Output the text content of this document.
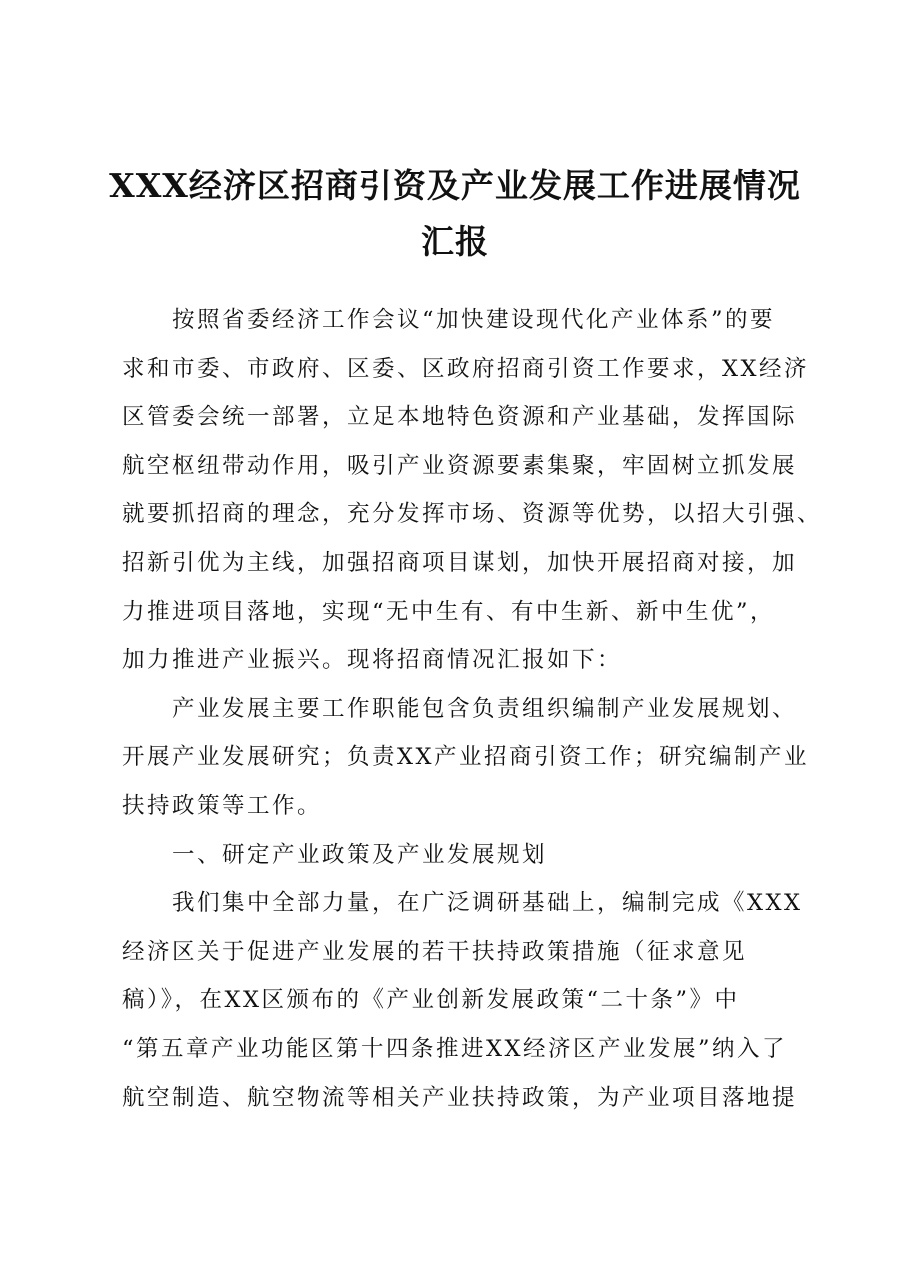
XXX经济区招商引资及产业发展工作进展情况
汇报
按照省委经济工作会议“加快建设现代化产业体系”的要
求和市委、市政府、区委、区政府招商引资工作要求，XX经济
区管委会统一部署，立足本地特色资源和产业基础，发挥国际
航空枢纽带动作用，吸引产业资源要素集聚，牢固树立抓发展
就要抓招商的理念，充分发挥市场、资源等优势，以招大引强、
招新引优为主线，加强招商项目谋划，加快开展招商对接，加
力推进项目落地，实现“无中生有、有中生新、新中生优”，
加力推进产业振兴。现将招商情况汇报如下：
产业发展主要工作职能包含负责组织编制产业发展规划、
开展产业发展研究；负责XX产业招商引资工作；研究编制产业
扶持政策等工作。
一、研定产业政策及产业发展规划
我们集中全部力量，在广泛调研基础上，编制完成《XXX
经济区关于促进产业发展的若干扶持政策措施（征求意见
稿）》，在XX区颁布的《产业创新发展政策“二十条”》中
“第五章产业功能区第十四条推进XX经济区产业发展”纳入了
航空制造、航空物流等相关产业扶持政策，为产业项目落地提
